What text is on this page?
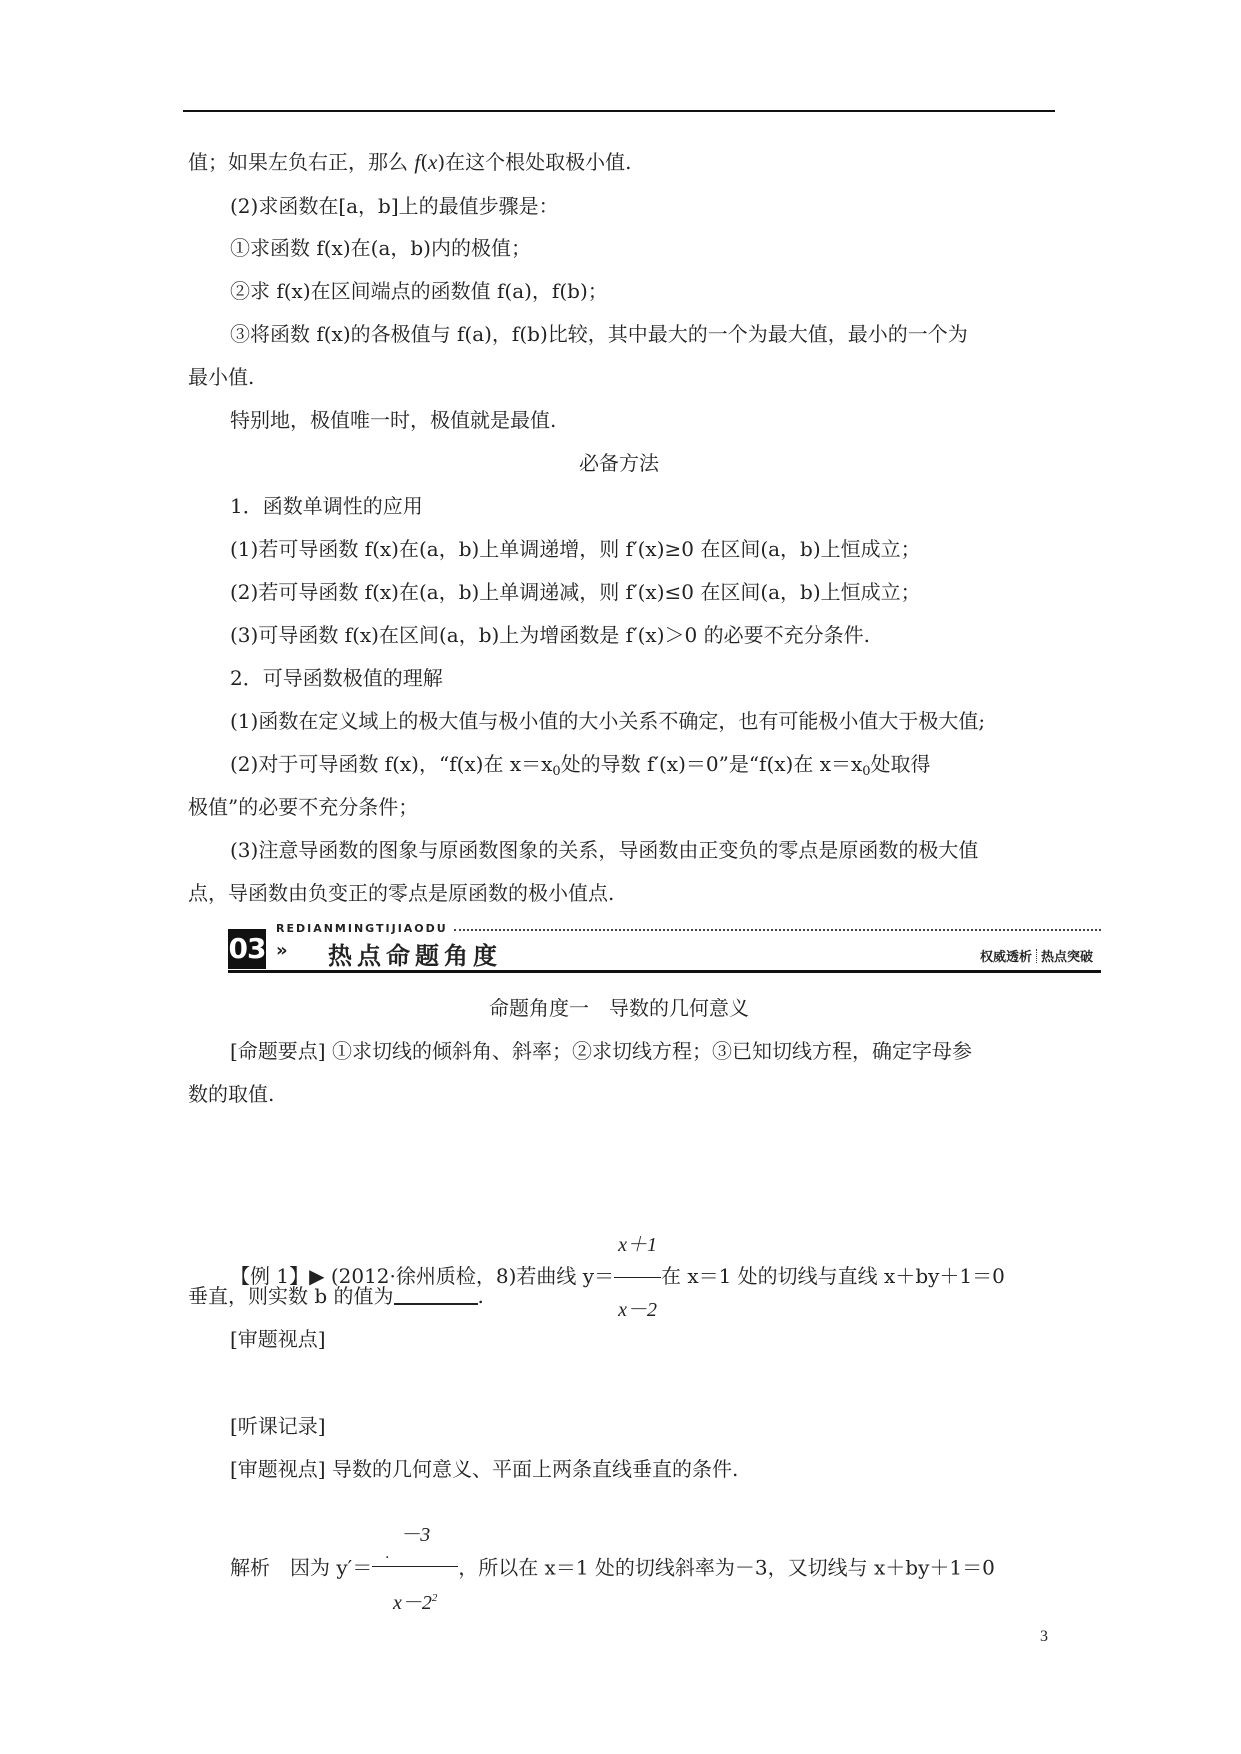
值；如果左负右正，那么 f(x)在这个根处取极小值.
(2)求函数在[a，b]上的最值步骤是：
①求函数 f(x)在(a，b)内的极值；
②求 f(x)在区间端点的函数值 f(a)，f(b)；
③将函数 f(x)的各极值与 f(a)，f(b)比较，其中最大的一个为最大值，最小的一个为
最小值.
特别地，极值唯一时，极值就是最值.
必备方法
1．函数单调性的应用
(1)若可导函数 f(x)在(a，b)上单调递增，则 f′(x)≥0 在区间(a，b)上恒成立；
(2)若可导函数 f(x)在(a，b)上单调递减，则 f′(x)≤0 在区间(a，b)上恒成立；
(3)可导函数 f(x)在区间(a，b)上为增函数是 f′(x)＞0 的必要不充分条件.
2．可导函数极值的理解
(1)函数在定义域上的极大值与极小值的大小关系不确定，也有可能极小值大于极大值;
(2)对于可导函数 f(x)，“f(x)在 $x=x_0$处的导数 f′(x)＝0”是“f(x)在 $x=x_0$处取得
极值”的必要不充分条件；
(3)注意导函数的图象与原函数图象的关系，导函数由正变负的零点是原函数的极大值
点，导函数由负变正的零点是原函数的极小值点.
03
REDIANMINGTIJIAODU
» 热点命题角度	权威透析 热点突破
命题角度一　导数的几何意义
[命题要点] ①求切线的倾斜角、斜率；②求切线方程；③已知切线方程，确定字母参
数的取值.
【例 1】▶ (2012·徐州质检，8)若曲线 $y= \frac{x+1}{x-2}$ 在 x＝1 处的切线与直线 x＋by＋1＝0
垂直，则实数 b 的值为	.
[审题视点]
[听课记录]
[审题视点] 导数的几何意义、平面上两条直线垂直的条件.
解析　因为 $y'= \frac{-3}{x-2^2}$ ，所以在 x＝1 处的切线斜率为－3，又切线与 x＋by＋1＝0
.
3
